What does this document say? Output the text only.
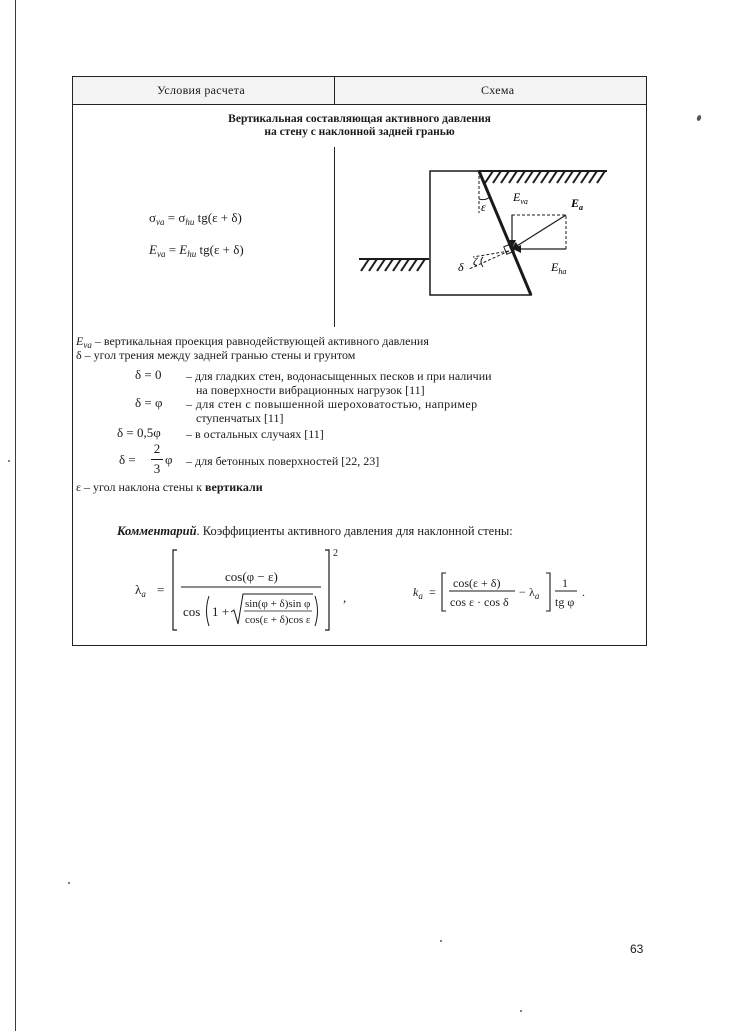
Условия расчета	Схема
Вертикальная составляющая активного давления
на стену с наклонной задней гранью
$\sigma_{va} = \sigma_{hu}$ tg(ε + δ)
$E_{va} = E_{hu}$ tg(ε + δ)
ε
$E_{va}$	$E_a$
$E_{ha}$
δ ζ
$E_{va}$ – вертикальная проекция равнодействующей активного давления
δ – угол трения между задней гранью стены и грунтом
δ = 0 – для гладких стен, водонасыщенных песков и при наличии
на поверхности вибрационных нагрузок [11]
δ = φ – для стен с повышенной шероховатостью, например
ступенчатых [11]
δ = 0,5φ – в остальных случаях [11]
δ =
2
3
φ – для бетонных поверхностей [22, 23]
ε – угол наклона стены к вертикали
Комментарий. Коэффициенты активного давления для наклонной стены:
$\lambda_a$ =
2
cos(φ − ε)
cos 1 + sin(φ + δ)sin φ
cos(ε + δ)cos ε
,	$k_a$ =
cos(ε + δ)
cos ε · cos δ
− $\lambda_a$
1
tg φ
.
63
